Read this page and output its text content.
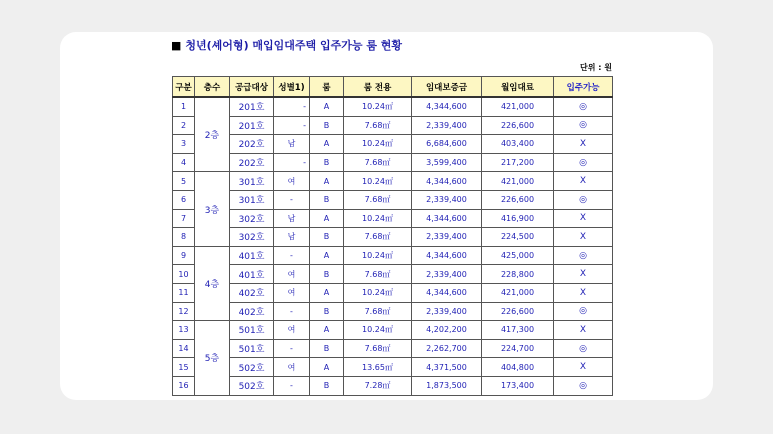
■ 청년(셰어형) 매입임대주택 입주가능 룸 현황
단위 : 원
구분	층수	공급대상	성별1)	룸	룸 전용	임대보증금	월임대료	입주가능
1	2층	201호	-	A	10.24㎡	4,344,600	421,000	◎
2		201호	-	B	7.68㎡	2,339,400	226,600	◎
3		202호	남	A	10.24㎡	6,684,600	403,400	X
4		202호	-	B	7.68㎡	3,599,400	217,200	◎
5	3층	301호	여	A	10.24㎡	4,344,600	421,000	X
6		301호	-	B	7.68㎡	2,339,400	226,600	◎
7		302호	남	A	10.24㎡	4,344,600	416,900	X
8		302호	남	B	7.68㎡	2,339,400	224,500	X
9	4층	401호	-	A	10.24㎡	4,344,600	425,000	◎
10		401호	여	B	7.68㎡	2,339,400	228,800	X
11		402호	여	A	10.24㎡	4,344,600	421,000	X
12		402호	-	B	7.68㎡	2,339,400	226,600	◎
13	5층	501호	여	A	10.24㎡	4,202,200	417,300	X
14		501호	-	B	7.68㎡	2,262,700	224,700	◎
15		502호	여	A	13.65㎡	4,371,500	404,800	X
16		502호	-	B	7.28㎡	1,873,500	173,400	◎
